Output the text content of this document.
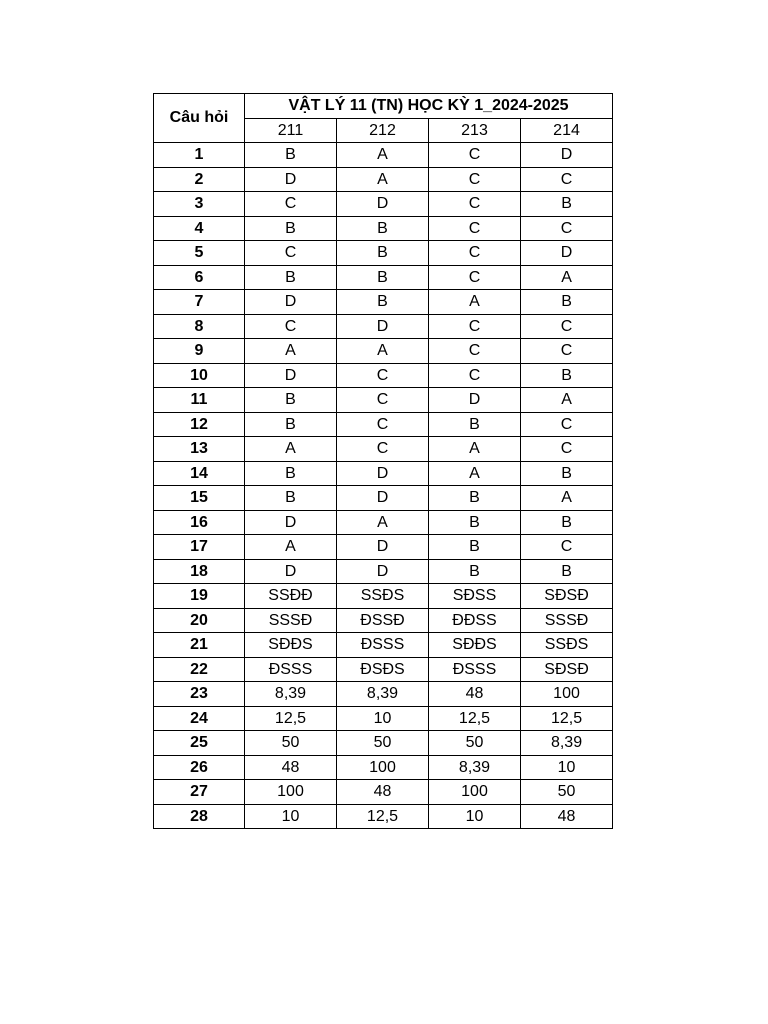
Câu hỏi	VẬT LÝ 11 (TN) HỌC KỲ 1_2024-2025			
	211	212	213	214
1	B	A	C	D
2	D	A	C	C
3	C	D	C	B
4	B	B	C	C
5	C	B	C	D
6	B	B	C	A
7	D	B	A	B
8	C	D	C	C
9	A	A	C	C
10	D	C	C	B
11	B	C	D	A
12	B	C	B	C
13	A	C	A	C
14	B	D	A	B
15	B	D	B	A
16	D	A	B	B
17	A	D	B	C
18	D	D	B	B
19	SSĐĐ	SSĐS	SĐSS	SĐSĐ
20	SSSĐ	ĐSSĐ	ĐĐSS	SSSĐ
21	SĐĐS	ĐSSS	SĐĐS	SSĐS
22	ĐSSS	ĐSĐS	ĐSSS	SĐSĐ
23	8,39	8,39	48	100
24	12,5	10	12,5	12,5
25	50	50	50	8,39
26	48	100	8,39	10
27	100	48	100	50
28	10	12,5	10	48
